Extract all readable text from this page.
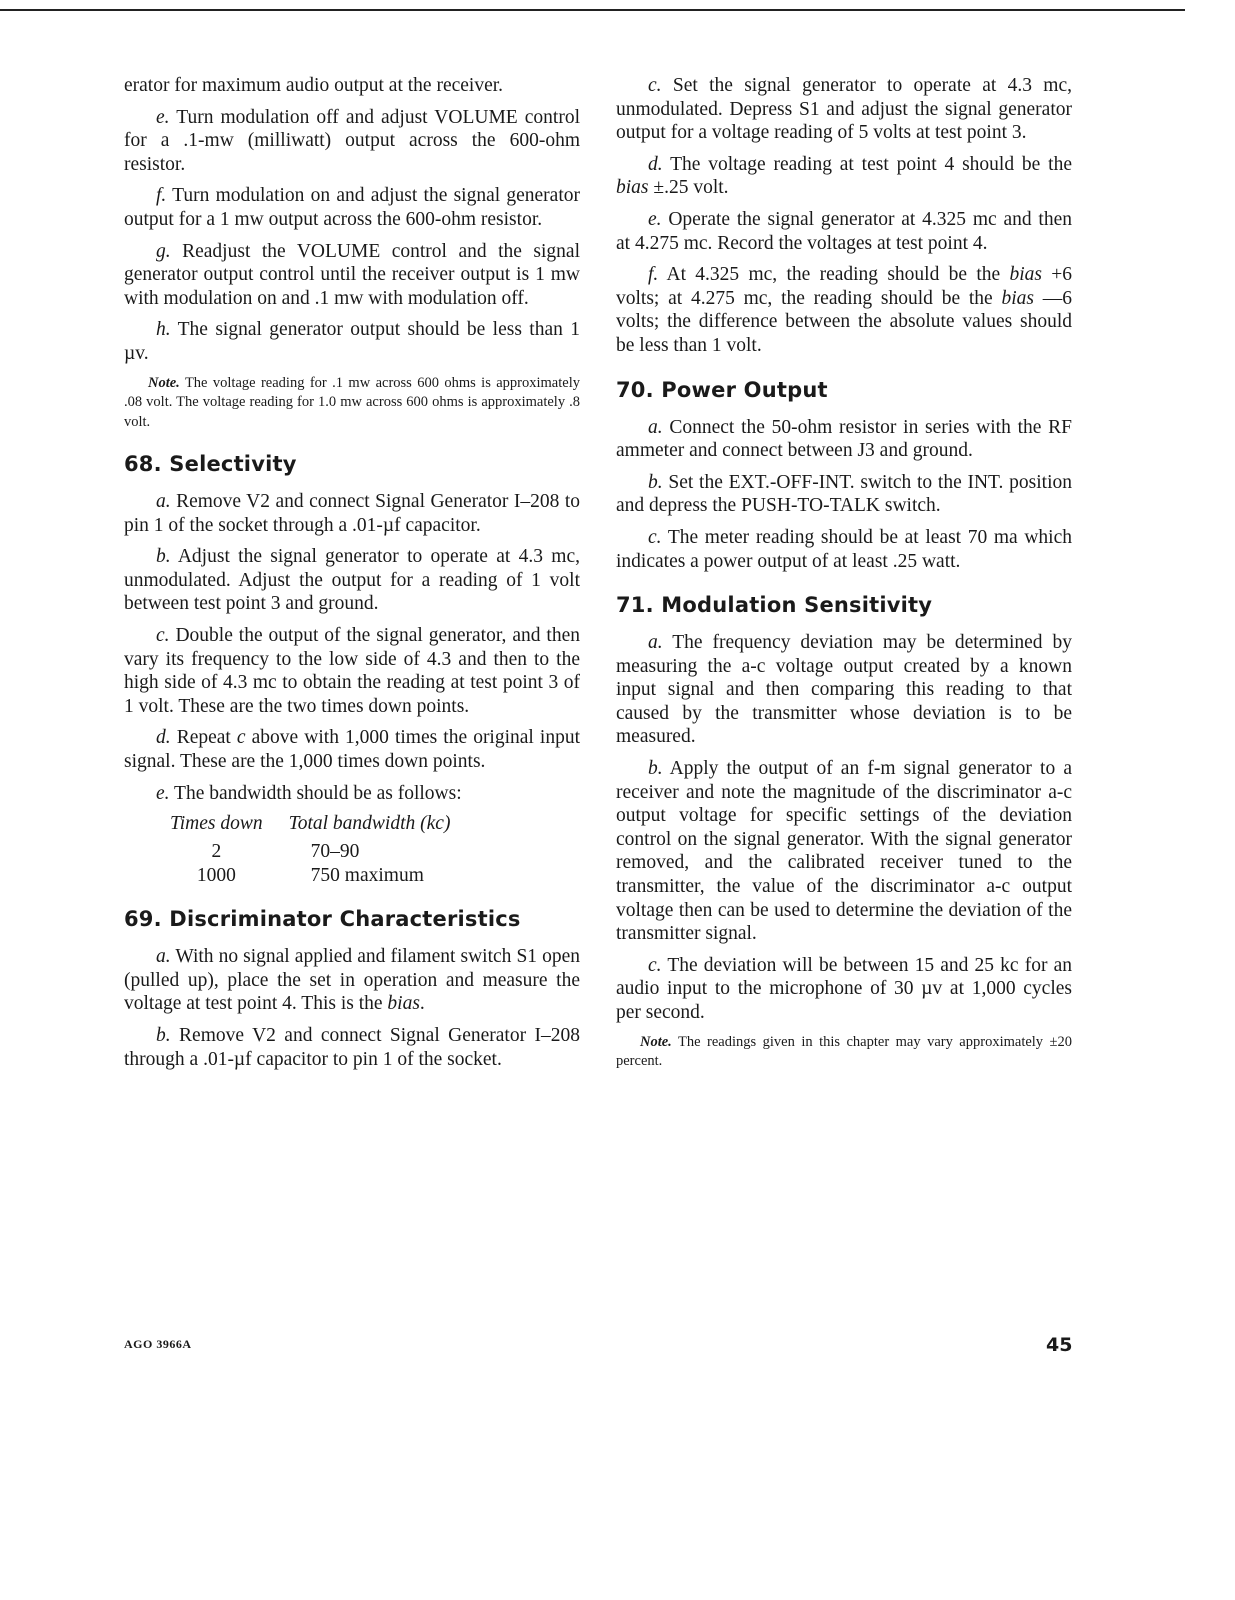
erator for maximum audio output at the receiver.

e. Turn modulation off and adjust VOLUME control for a .1-mw (milliwatt) output across the 600-ohm resistor.

f. Turn modulation on and adjust the signal generator output for a 1 mw output across the 600-ohm resistor.

g. Readjust the VOLUME control and the signal generator output control until the receiver output is 1 mw with modulation on and .1 mw with modulation off.

h. The signal generator output should be less than 1 µv.

Note. The voltage reading for .1 mw across 600 ohms is approximately .08 volt. The voltage reading for 1.0 mw across 600 ohms is approximately .8 volt.

68. Selectivity

a. Remove V2 and connect Signal Generator I–208 to pin 1 of the socket through a .01-µf capacitor.

b. Adjust the signal generator to operate at 4.3 mc, unmodulated. Adjust the output for a reading of 1 volt between test point 3 and ground.

c. Double the output of the signal generator, and then vary its frequency to the low side of 4.3 and then to the high side of 4.3 mc to obtain the reading at test point 3 of 1 volt. These are the two times down points.

d. Repeat c above with 1,000 times the original input signal. These are the 1,000 times down points.

e. The bandwidth should be as follows:

Times down	Total bandwidth (kc)
2	70–90
1000	750 maximum
69. Discriminator Characteristics

a. With no signal applied and filament switch S1 open (pulled up), place the set in operation and measure the voltage at test point 4. This is the bias.

b. Remove V2 and connect Signal Generator I–208 through a .01-µf capacitor to pin 1 of the socket.

c. Set the signal generator to operate at 4.3 mc, unmodulated. Depress S1 and adjust the signal generator output for a voltage reading of 5 volts at test point 3.

d. The voltage reading at test point 4 should be the bias ±.25 volt.

e. Operate the signal generator at 4.325 mc and then at 4.275 mc. Record the voltages at test point 4.

f. At 4.325 mc, the reading should be the bias +6 volts; at 4.275 mc, the reading should be the bias —6 volts; the difference between the absolute values should be less than 1 volt.

70. Power Output

a. Connect the 50-ohm resistor in series with the RF ammeter and connect between J3 and ground.

b. Set the EXT.-OFF-INT. switch to the INT. position and depress the PUSH-TO-TALK switch.

c. The meter reading should be at least 70 ma which indicates a power output of at least .25 watt.

71. Modulation Sensitivity

a. The frequency deviation may be determined by measuring the a-c voltage output created by a known input signal and then comparing this reading to that caused by the transmitter whose deviation is to be measured.

b. Apply the output of an f-m signal generator to a receiver and note the magnitude of the discriminator a-c output voltage for specific settings of the deviation control on the signal generator. With the signal generator removed, and the calibrated receiver tuned to the transmitter, the value of the discriminator a-c output voltage then can be used to determine the deviation of the transmitter signal.

c. The deviation will be between 15 and 25 kc for an audio input to the microphone of 30 µv at 1,000 cycles per second.

Note. The readings given in this chapter may vary approximately ±20 percent.

AGO 3966A	45
